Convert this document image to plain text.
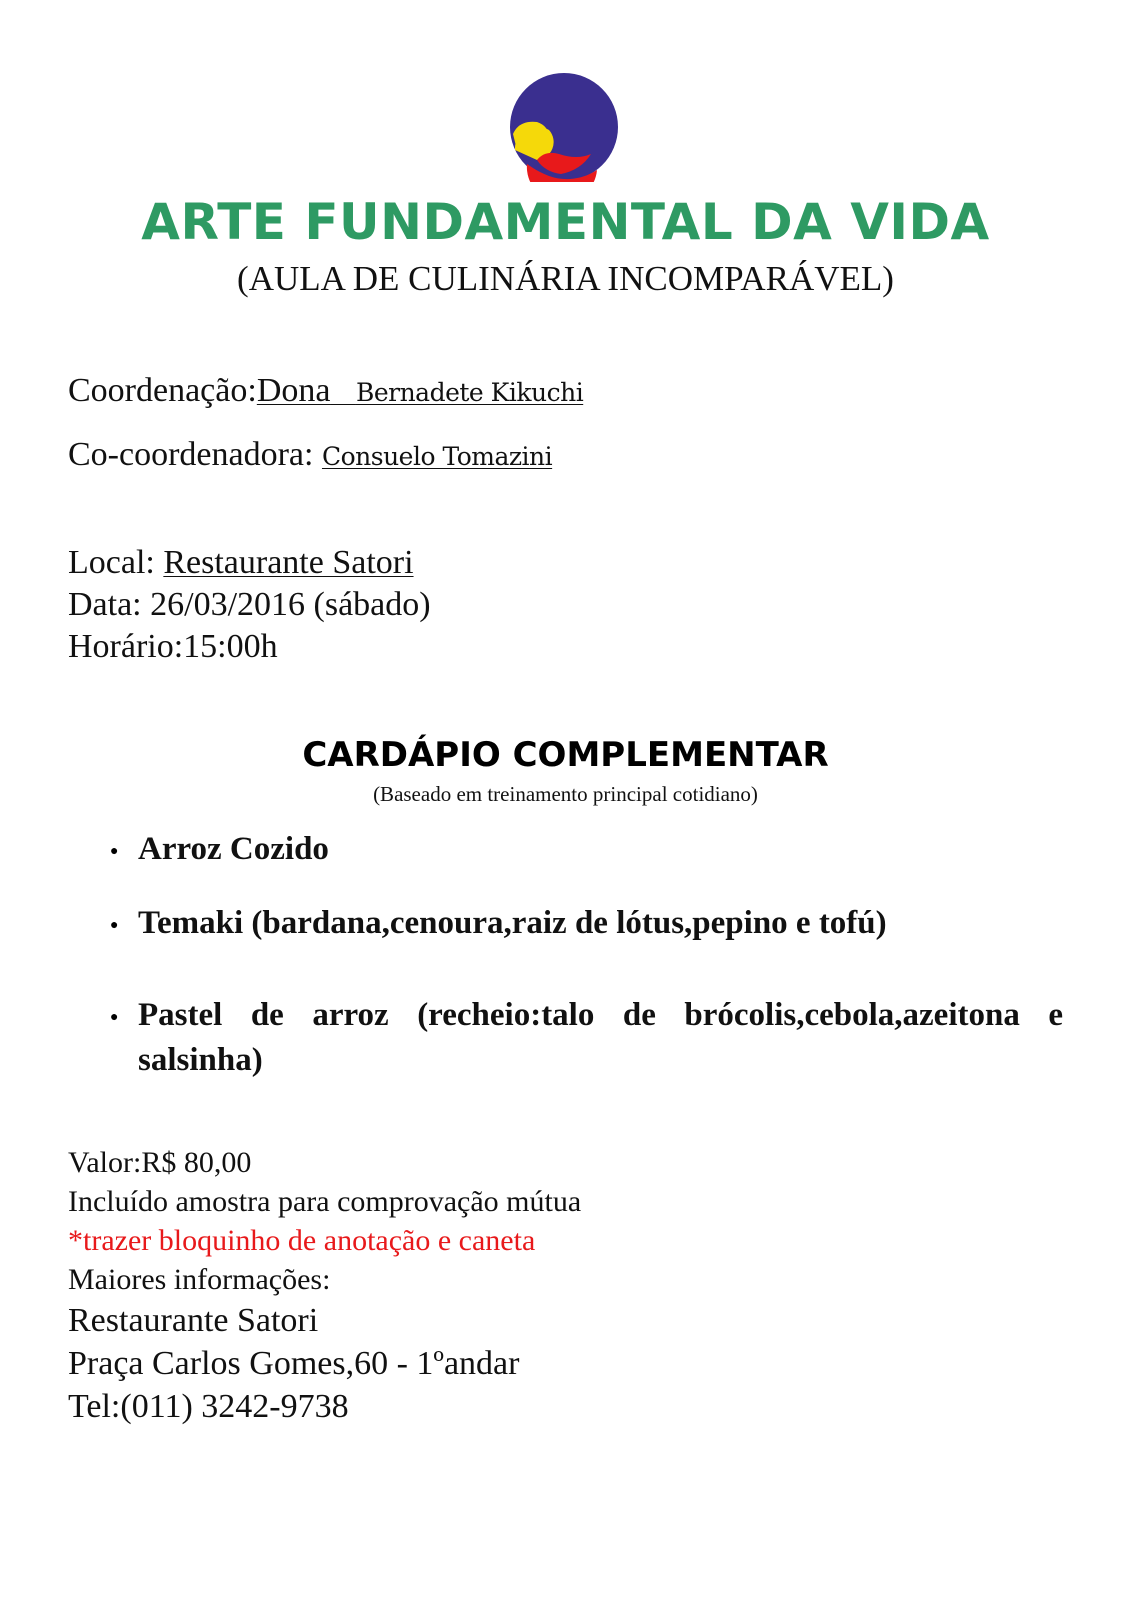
ARTE FUNDAMENTAL DA VIDA
(AULA DE CULINÁRIA INCOMPARÁVEL)
Coordenação:Dona Bernadete Kikuchi
Co-coordenadora: Consuelo Tomazini
Local: Restaurante Satori
Data: 26/03/2016 (sábado)
Horário:15:00h
CARDÁPIO COMPLEMENTAR
(Baseado em treinamento principal cotidiano)
● Arroz Cozido
● Temaki (bardana,cenoura,raiz de lótus,pepino e tofú)
● Pastel de arroz (recheio:talo de brócolis,cebola,azeitona e salsinha)
Valor:R$ 80,00
Incluído amostra para comprovação mútua
*trazer bloquinho de anotação e caneta
Maiores informações:
Restaurante Satori
Praça Carlos Gomes,60 - 1ºandar
Tel:(011) 3242-9738
